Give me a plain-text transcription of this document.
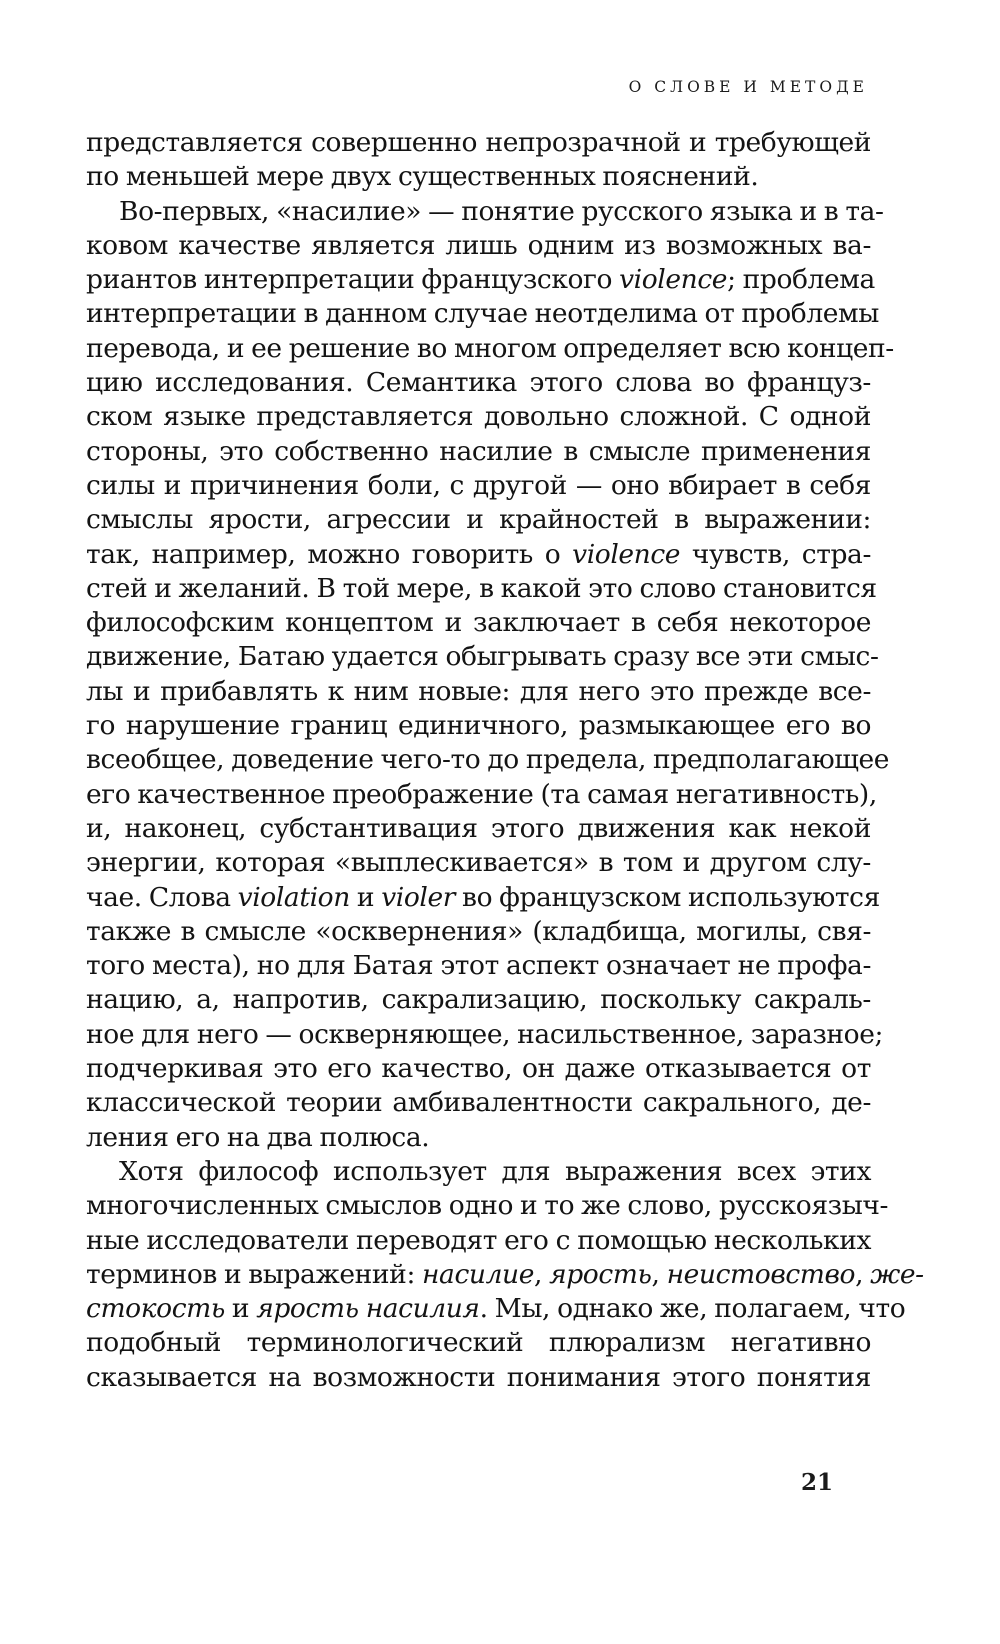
О СЛОВЕ И МЕТОДЕ
представляется совершенно непрозрачной и требующей
по меньшей мере двух существенных пояснений.
Во-первых, «насилие» — понятие русского языка и в та-
ковом качестве является лишь одним из возможных ва-
риантов интерпретации французского violence; проблема
интерпретации в данном случае неотделима от проблемы
перевода, и ее решение во многом определяет всю концеп-
цию исследования. Семантика этого слова во француз-
ском языке представляется довольно сложной. С одной
стороны, это собственно насилие в смысле применения
силы и причинения боли, с другой — оно вбирает в себя
смыслы ярости, агрессии и крайностей в выражении:
так, например, можно говорить о violence чувств, стра-
стей и желаний. В той мере, в какой это слово становится
философским концептом и заключает в себя некоторое
движение, Батаю удается обыгрывать сразу все эти смыс-
лы и прибавлять к ним новые: для него это прежде все-
го нарушение границ единичного, размыкающее его во
всеобщее, доведение чего-то до предела, предполагающее
его качественное преображение (та самая негативность),
и, наконец, субстантивация этого движения как некой
энергии, которая «выплескивается» в том и другом слу-
чае. Слова violation и violer во французском используются
также в смысле «осквернения» (кладбища, могилы, свя-
того места), но для Батая этот аспект означает не профа-
нацию, а, напротив, сакрализацию, поскольку сакраль-
ное для него — оскверняющее, насильственное, заразное;
подчеркивая это его качество, он даже отказывается от
классической теории амбивалентности сакрального, де-
ления его на два полюса.
Хотя философ использует для выражения всех этих
многочисленных смыслов одно и то же слово, русскоязыч-
ные исследователи переводят его с помощью нескольких
терминов и выражений: насилие, ярость, неистовство, же-
стокость и ярость насилия. Мы, однако же, полагаем, что
подобный терминологический плюрализм негативно
сказывается на возможности понимания этого понятия
21
